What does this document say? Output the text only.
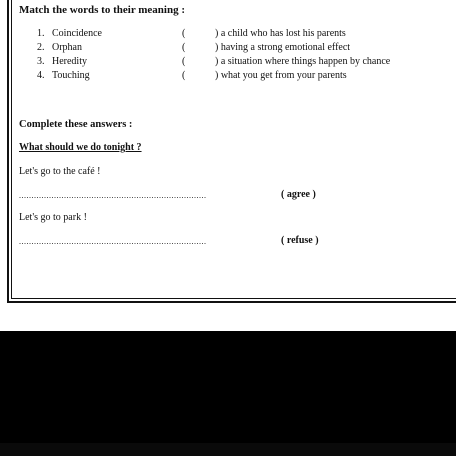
Match the words to their meaning :
1. Coincidence	(	) a child who has lost his parents
2. Orphan	(	) having a strong emotional effect
3. Heredity	(	) a situation where things happen by chance
4. Touching	(	) what you get from your parents
Complete these answers :
What should we do tonight ?
Let's go to the café !
...........................................................................	( agree )
Let's go to park !
...........................................................................	( refuse )
